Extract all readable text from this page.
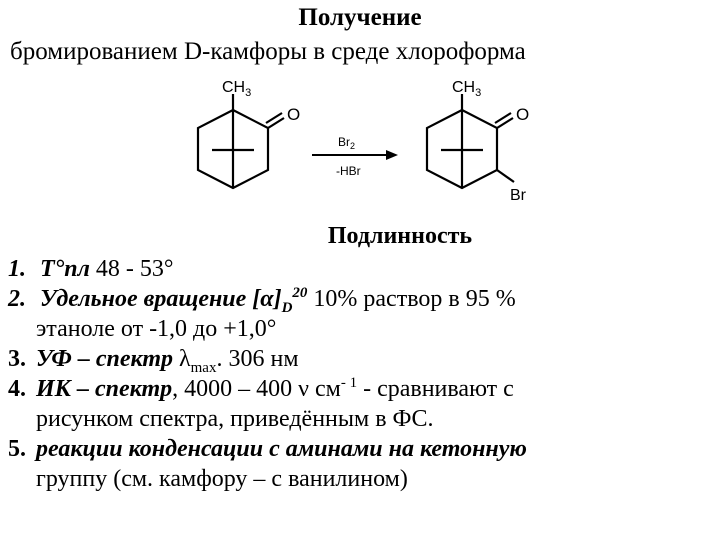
Получение
бромированием D-камфоры в среде хлороформа
$CH_3$
O
$Br_2$
-HBr
$CH_3$
O
Br
Подлинность
1. Т°пл 48 - 53°
2. Удельное вращение $[\alpha]_D^{20}$ 10% раствор в 95 %
этаноле от -1,0 до +1,0°
3. УФ – спектр $\lambda_{max}$. 306 нм
4. ИК – спектр, 4000 – 400 ν $см^{- 1}$ - сравнивают с
рисунком спектра, приведённым в ФС.
5. реакции конденсации с аминами на кетонную
группу (см. камфору – с ванилином)
